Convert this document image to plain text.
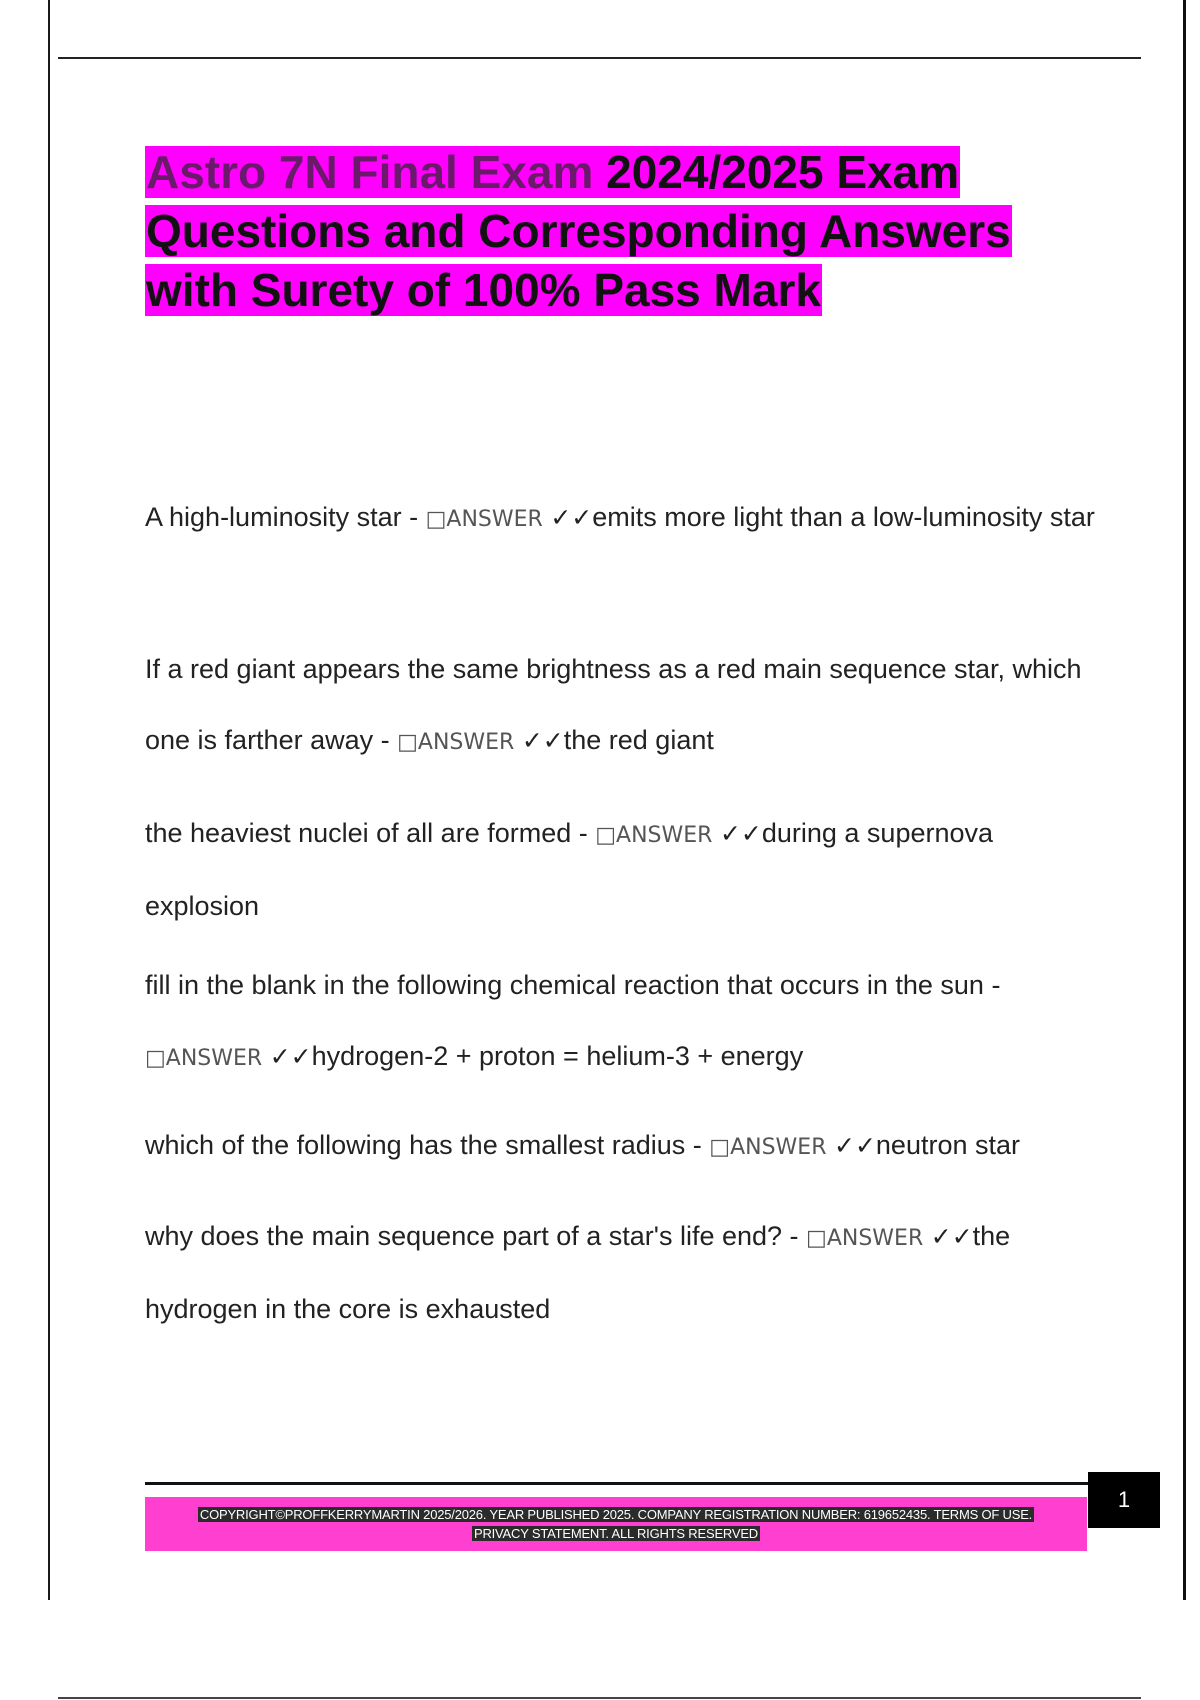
Astro 7N Final Exam 2024/2025 Exam Questions and Corresponding Answers with Surety of 100% Pass Mark

A high-luminosity star - □ANSWER ✓✓emits more light than a low-luminosity star

If a red giant appears the same brightness as a red main sequence star, which one is farther away - □ANSWER ✓✓the red giant

the heaviest nuclei of all are formed - □ANSWER ✓✓during a supernova explosion

fill in the blank in the following chemical reaction that occurs in the sun - □ANSWER ✓✓hydrogen-2 + proton = helium-3 + energy

which of the following has the smallest radius - □ANSWER ✓✓neutron star

why does the main sequence part of a star's life end? - □ANSWER ✓✓the hydrogen in the core is exhausted

COPYRIGHT©PROFFKERRYMARTIN 2025/2026. YEAR PUBLISHED 2025. COMPANY REGISTRATION NUMBER: 619652435. TERMS OF USE.
PRIVACY STATEMENT. ALL RIGHTS RESERVED
1
